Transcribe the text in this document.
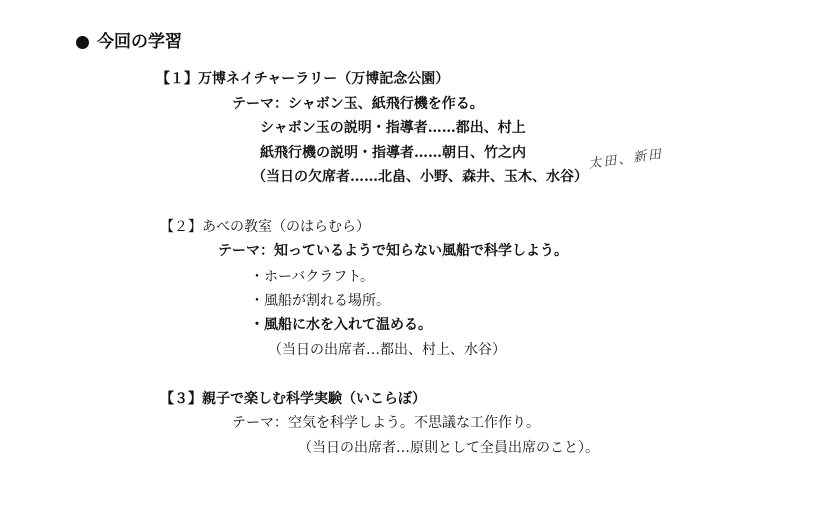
今回の学習
【１】万博ネイチャーラリー（万博記念公園）
テーマ：シャボン玉、紙飛行機を作る。
シャボン玉の説明・指導者……都出、村上
紙飛行機の説明・指導者……朝日、竹之内
（当日の欠席者……北畠、小野、森井、玉木、水谷）
太田、新田
【２】あべの教室（のはらむら）
テーマ：知っているようで知らない風船で科学しよう。
・ホーバクラフト。
・風船が割れる場所。
・風船に水を入れて温める。
（当日の出席者…都出、村上、水谷）
【３】親子で楽しむ科学実験（いこらぼ）
テーマ：空気を科学しよう。不思議な工作作り。
（当日の出席者…原則として全員出席のこと）。
